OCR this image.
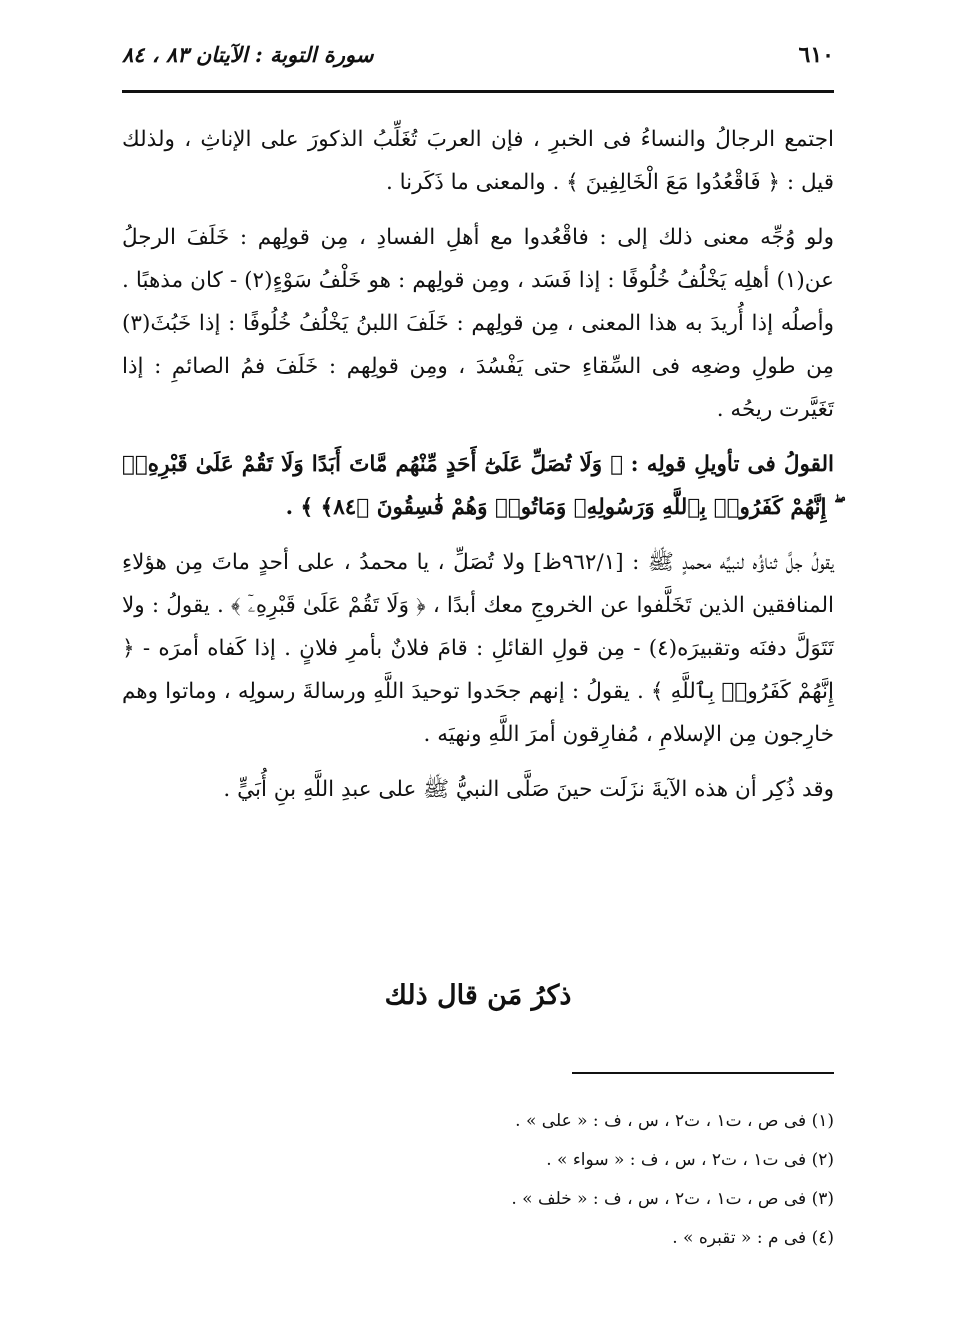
٦١٠
سورة التوبة : الآيتان ٨٣ ، ٨٤

اجتمع الرجالُ والنساءُ فى الخبرِ ، فإن العربَ تُغَلِّبُ الذكورَ على الإناثِ ، ولذلك قيل : ﴿ فَاقْعُدُوا مَعَ الْخَالِفِينَ ﴾ . والمعنى ما ذَكَرنا .

ولو وُجِّه معنى ذلك إلى : فاقْعُدوا مع أهلِ الفسادِ ، مِن قولِهم : خَلَفَ الرجلُ عن(١) أهلِه يَخْلُفُ خُلُوفًا : إذا فَسَد ، ومِن قولِهم : هو خَلْفُ سَوْءٍ(٢) - كان مذهبًا . وأصلُه إذا أُريدَ به هذا المعنى ، مِن قولِهم : خَلَفَ اللبنُ يَخْلُفُ خُلُوفًا : إذا خَبُثَ(٣) مِن طولِ وضعِه فى السِّقاءِ حتى يَفْسُدَ ، ومِن قولِهم : خَلَفَ فمُ الصائمِ : إذا تَغَيَّرت ريحُه .

القولُ فى تأويلِ قولِه : ﴿ وَلَا تُصَلِّ عَلَىٰٓ أَحَدٍ مِّنْهُم مَّاتَ أَبَدًا وَلَا تَقُمْ عَلَىٰ قَبْرِهِۦٓ ۖ إِنَّهُمْ كَفَرُوا۟ بِٱللَّهِ وَرَسُولِهِۦ وَمَاتُوا۟ وَهُمْ فَٰسِقُونَ ﴿٨٤﴾ ﴾ .

يقولُ جلَّ ثناؤُه لنبيِّه محمدٍ ﷺ : [٩٦٢/١ظ] ولا تُصَلِّ ، يا محمدُ ، على أحدٍ ماتَ مِن هؤلاءِ المنافقين الذين تَخَلَّفوا عن الخروجِ معك أبدًا ، ﴿ وَلَا تَقُمْ عَلَىٰ قَبْرِهِۦٓ ﴾ . يقولُ : ولا تَتَوَلَّ دفنَه وتقبيرَه(٤) - مِن قولِ القائلِ : قامَ فلانٌ بأمرِ فلانٍ . إذا كَفاه أمرَه - ﴿ إِنَّهُمْ كَفَرُوا۟ بِٱللَّهِ ﴾ . يقولُ : إنهم جحَدوا توحيدَ اللَّهِ ورسالةَ رسولِه ، وماتوا وهم خارِجون مِن الإسلامِ ، مُفارِقون أمرَ اللَّهِ ونهيَه .

وقد ذُكِر أن هذه الآيةَ نزَلَت حينَ صَلَّى النبيُّ ﷺ على عبدِ اللَّهِ بنِ أُبَيٍّ .

ذكرُ مَن قال ذلك
(١) فى ص ، ت١ ، ت٢ ، س ، ف : « على » .
(٢) فى ت١ ، ت٢ ، س ، ف : « سواء » .
(٣) فى ص ، ت١ ، ت٢ ، س ، ف : « خلف » .
(٤) فى م : « تقبره » .
